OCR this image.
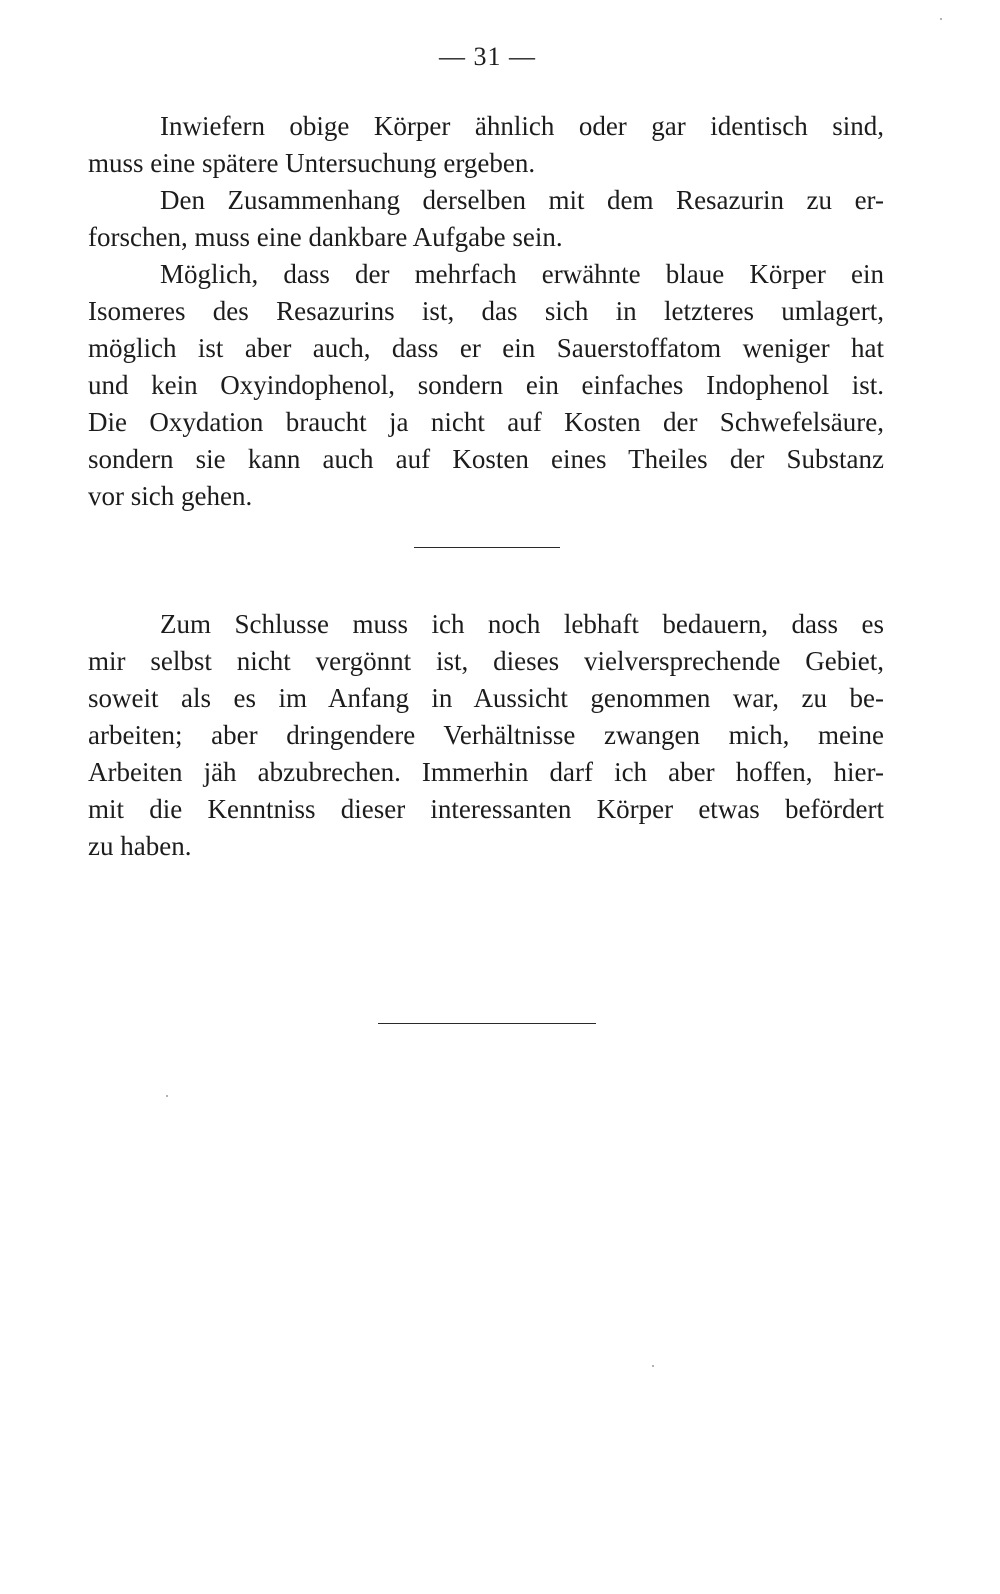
— 31 —
Inwiefern obige Körper ähnlich oder gar identisch sind,
muss eine spätere Untersuchung ergeben.
Den Zusammenhang derselben mit dem Resazurin zu er-
forschen, muss eine dankbare Aufgabe sein.
Möglich, dass der mehrfach erwähnte blaue Körper ein
Isomeres des Resazurins ist, das sich in letzteres umlagert,
möglich ist aber auch, dass er ein Sauerstoffatom weniger hat
und kein Oxyindophenol, sondern ein einfaches Indophenol ist.
Die Oxydation braucht ja nicht auf Kosten der Schwefelsäure,
sondern sie kann auch auf Kosten eines Theiles der Substanz
vor sich gehen.
Zum Schlusse muss ich noch lebhaft bedauern, dass es
mir selbst nicht vergönnt ist, dieses vielversprechende Gebiet,
soweit als es im Anfang in Aussicht genommen war, zu be-
arbeiten; aber dringendere Verhältnisse zwangen mich, meine
Arbeiten jäh abzubrechen. Immerhin darf ich aber hoffen, hier-
mit die Kenntniss dieser interessanten Körper etwas befördert
zu haben.
